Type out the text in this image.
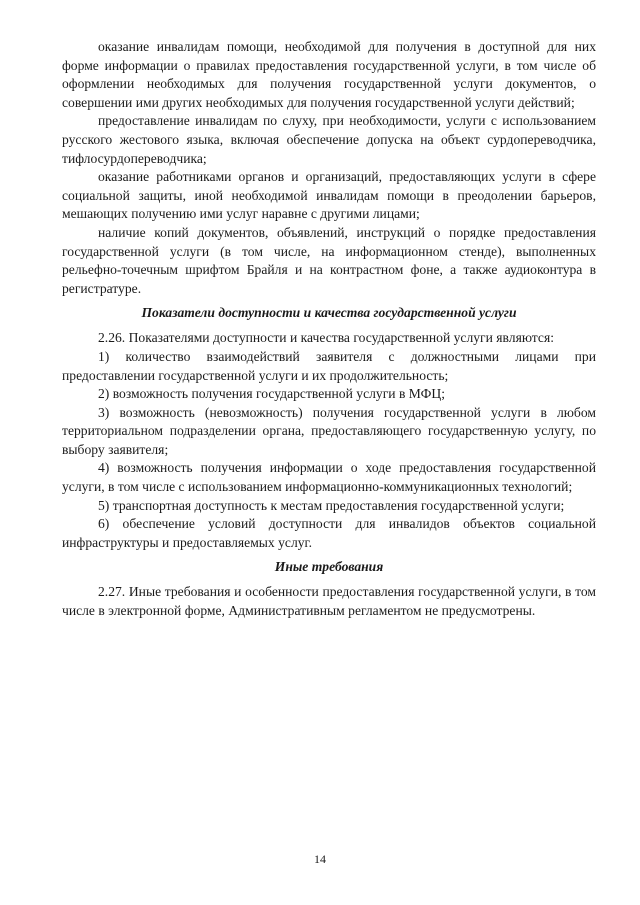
оказание инвалидам помощи, необходимой для получения в доступной для них форме информации о правилах предоставления государственной услуги, в том числе об оформлении необходимых для получения государственной услуги документов, о совершении ими других необходимых для получения государственной услуги действий;

предоставление инвалидам по слуху, при необходимости, услуги с использованием русского жестового языка, включая обеспечение допуска на объект сурдопереводчика, тифлосурдопереводчика;

оказание работниками органов и организаций, предоставляющих услуги в сфере социальной защиты, иной необходимой инвалидам помощи в преодолении барьеров, мешающих получению ими услуг наравне с другими лицами;

наличие копий документов, объявлений, инструкций о порядке предоставления государственной услуги (в том числе, на информационном стенде), выполненных рельефно-точечным шрифтом Брайля и на контрастном фоне, а также аудиоконтура в регистратуре.

Показатели доступности и качества государственной услуги

2.26. Показателями доступности и качества государственной услуги являются:

1) количество взаимодействий заявителя с должностными лицами при предоставлении государственной услуги и их продолжительность;

2) возможность получения государственной услуги в МФЦ;

3) возможность (невозможность) получения государственной услуги в любом территориальном подразделении органа, предоставляющего государственную услугу, по выбору заявителя;

4) возможность получения информации о ходе предоставления государственной услуги, в том числе с использованием информационно-коммуникационных технологий;

5) транспортная доступность к местам предоставления государственной услуги;

6) обеспечение условий доступности для инвалидов объектов социальной инфраструктуры и предоставляемых услуг.

Иные требования

2.27. Иные требования и особенности предоставления государственной услуги, в том числе в электронной форме, Административным регламентом не предусмотрены.

14
